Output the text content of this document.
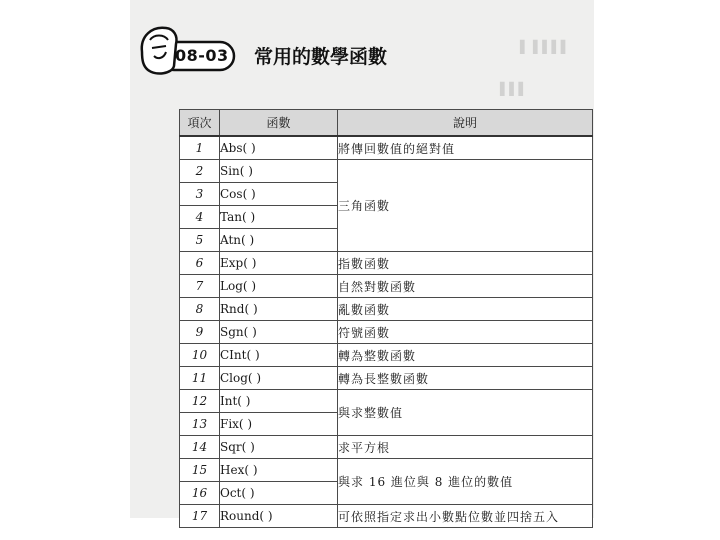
▌ ▌▌▌▌
▌▌▌
08-03 常用的數學函數
項次	函數	說明
1	Abs( )	將傳回數值的絕對值
2	Sin( )	三角函數
3	Cos( )	
4	Tan( )	
5	Atn( )	
6	Exp( )	指數函數
7	Log( )	自然對數函數
8	Rnd( )	亂數函數
9	Sgn( )	符號函數
10	CInt( )	轉為整數函數
11	Clog( )	轉為長整數函數
12	Int( )	與求整數值
13	Fix( )	
14	Sqr( )	求平方根
15	Hex( )	與求 16 進位與 8 進位的數值
16	Oct( )	
17	Round( )	可依照指定求出小數點位數並四捨五入
